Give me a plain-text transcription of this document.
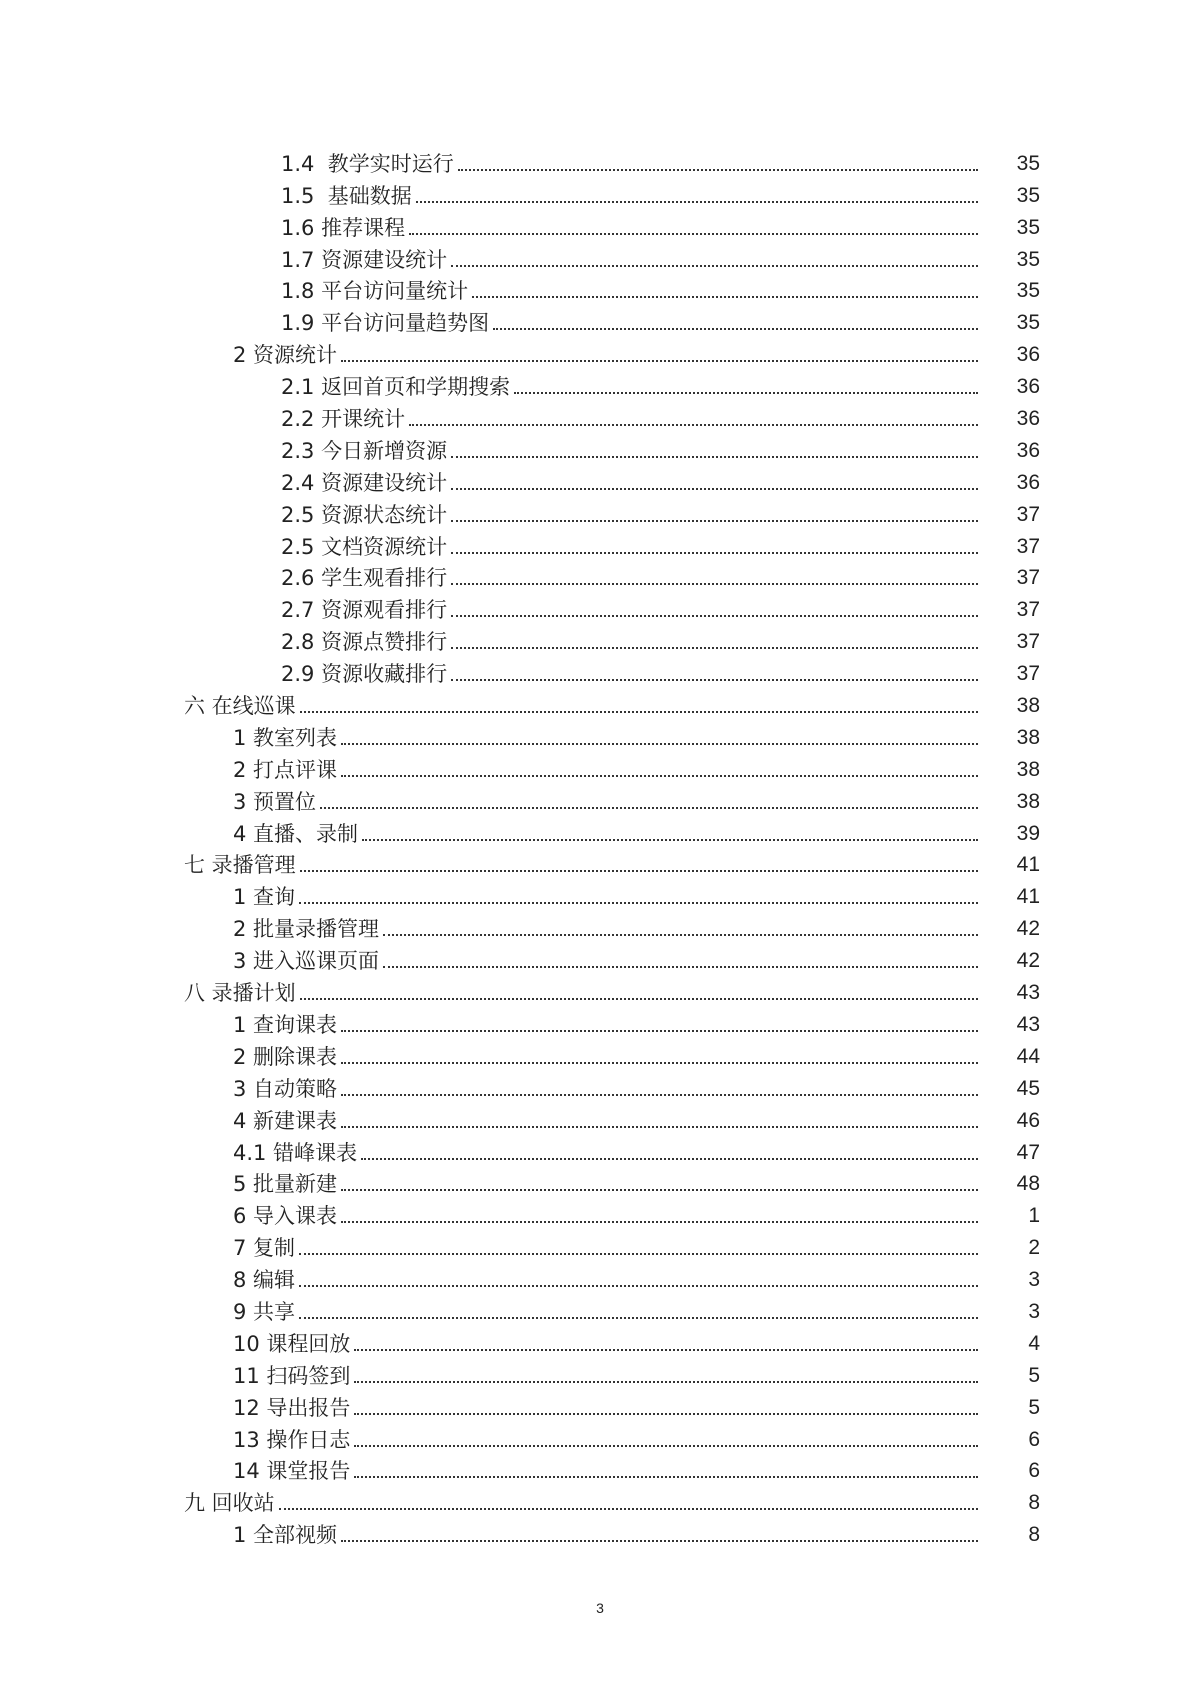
1.4  教学实时运行	35
1.5  基础数据	35
1.6 推荐课程	35
1.7 资源建设统计	35
1.8 平台访问量统计	35
1.9 平台访问量趋势图	35
2 资源统计	36
2.1 返回首页和学期搜索	36
2.2 开课统计	36
2.3 今日新增资源	36
2.4 资源建设统计	36
2.5 资源状态统计	37
2.5 文档资源统计	37
2.6 学生观看排行	37
2.7 资源观看排行	37
2.8 资源点赞排行	37
2.9 资源收藏排行	37
六 在线巡课	38
1 教室列表	38
2 打点评课	38
3 预置位	38
4 直播、录制	39
七 录播管理	41
1 查询	41
2 批量录播管理	42
3 进入巡课页面	42
八 录播计划	43
1 查询课表	43
2 删除课表	44
3 自动策略	45
4 新建课表	46
4.1 错峰课表	47
5 批量新建	48
6 导入课表	1
7 复制	2
8 编辑	3
9 共享	3
10 课程回放	4
11 扫码签到	5
12 导出报告	5
13 操作日志	6
14 课堂报告	6
九 回收站	8
1 全部视频	8
3
